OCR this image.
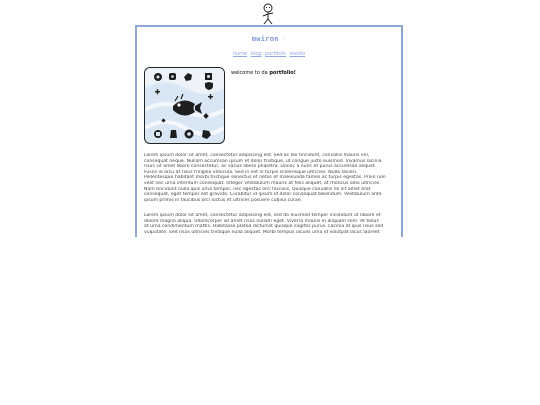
mwiron ·
home blog portfolio media
welcome to da portfolio!
Lorem ipsum dolor sit amet, consectetur adipiscing elit. Sed ac leo tincidunt, convallis mauris vel,
consequat neque. Nullam accumsan ipsum et dolor tristique, ut congue justo euismod. Vivamus lacinia
risus sit amet libero consectetur, ac varius libero pharetra. Donec a nunc et purus accumsan aliquet.
Fusce id arcu at risus fringilla vehicula. Sed in elit in turpis scelerisque ultricies. Nulla facilisi.
Pellentesque habitant morbi tristique senectus et netus et malesuada fames ac turpis egestas. Proin non
velit nec urna interdum consequat. Integer vestibulum mauris at felis aliquet, at rhoncus odio ultricies.
Nam tincidunt nulla quis urna tempor, nec egestas orci facilisis. Quisque convallis mi sit amet erat
consequat, eget tempor elit gravida. Curabitur id ipsum id dolor consequat bibendum. Vestibulum ante
ipsum primis in faucibus orci luctus et ultrices posuere cubilia curae.
Lorem ipsum dolor sit amet, consectetur adipiscing elit, sed do eiusmod tempor incididunt ut labore et
dolore magna aliqua. Ullamcorper sit amet risus nullam eget. Viverra mauris in aliquam sem. At tellus
at urna condimentum mattis. Habitasse platea dictumst quisque sagittis purus. Lacinia at quis risus sed
vulputate. Sed risus ultricies tristique nulla aliquet. Morbi tempus iaculis urna id volutpat lacus laoreet
